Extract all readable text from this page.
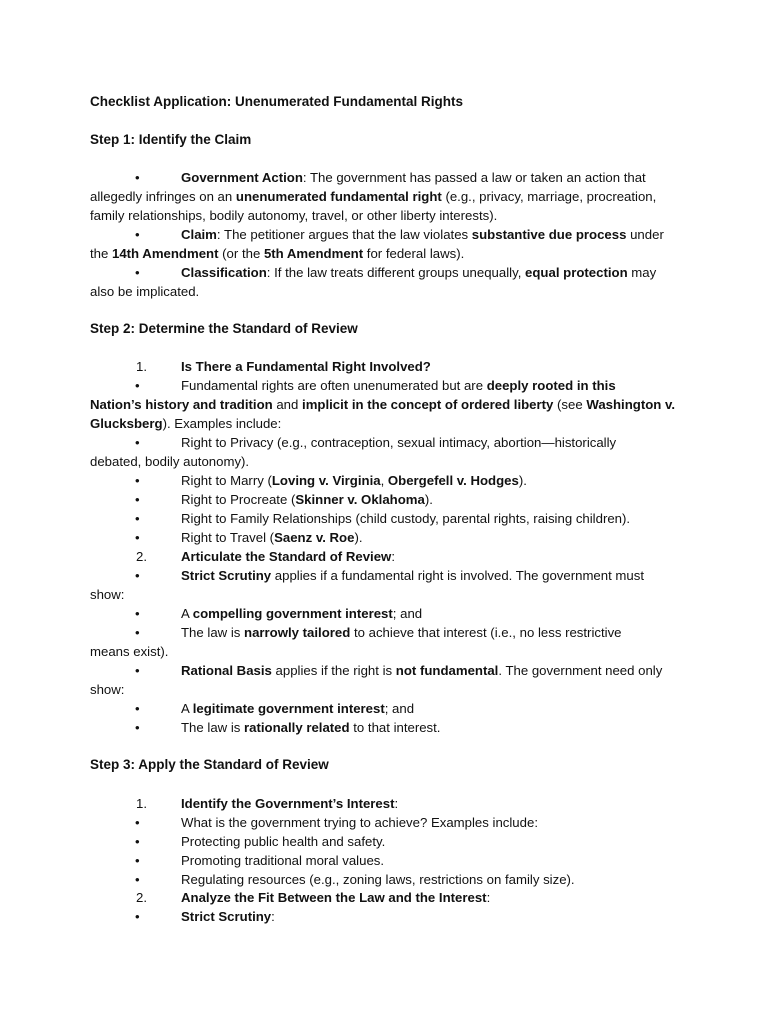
Checklist Application: Unenumerated Fundamental Rights
Step 1: Identify the Claim
•	Government Action: The government has passed a law or taken an action that
allegedly infringes on an unenumerated fundamental right (e.g., privacy, marriage, procreation,
family relationships, bodily autonomy, travel, or other liberty interests).
•	Claim: The petitioner argues that the law violates substantive due process under
the 14th Amendment (or the 5th Amendment for federal laws).
•	Classification: If the law treats different groups unequally, equal protection may
also be implicated.
Step 2: Determine the Standard of Review
1.	Is There a Fundamental Right Involved?
•	Fundamental rights are often unenumerated but are deeply rooted in this
Nation’s history and tradition and implicit in the concept of ordered liberty (see Washington v.
Glucksberg). Examples include:
•	Right to Privacy (e.g., contraception, sexual intimacy, abortion—historically
debated, bodily autonomy).
•	Right to Marry (Loving v. Virginia, Obergefell v. Hodges).
•	Right to Procreate (Skinner v. Oklahoma).
•	Right to Family Relationships (child custody, parental rights, raising children).
•	Right to Travel (Saenz v. Roe).
2.	Articulate the Standard of Review:
•	Strict Scrutiny applies if a fundamental right is involved. The government must
show:
•	A compelling government interest; and
•	The law is narrowly tailored to achieve that interest (i.e., no less restrictive
means exist).
•	Rational Basis applies if the right is not fundamental. The government need only
show:
•	A legitimate government interest; and
•	The law is rationally related to that interest.
Step 3: Apply the Standard of Review
1.	Identify the Government’s Interest:
•	What is the government trying to achieve? Examples include:
•	Protecting public health and safety.
•	Promoting traditional moral values.
•	Regulating resources (e.g., zoning laws, restrictions on family size).
2.	Analyze the Fit Between the Law and the Interest:
•	Strict Scrutiny:
